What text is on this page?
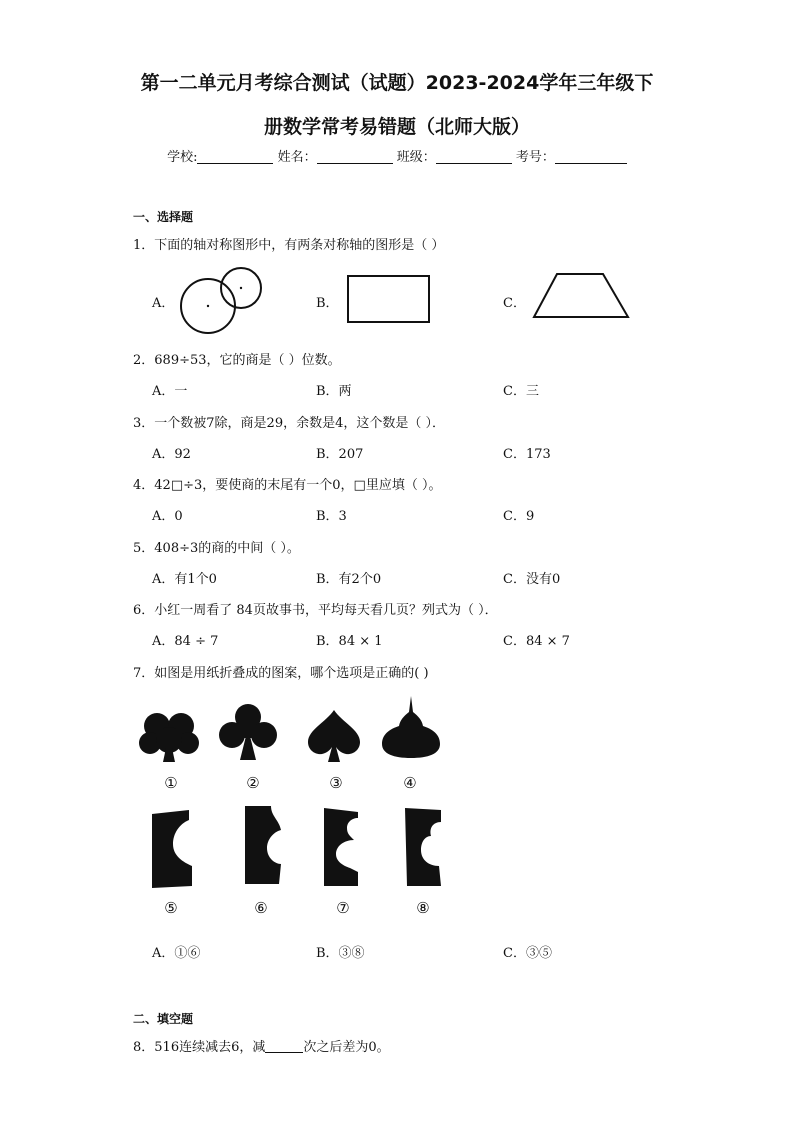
第一二单元月考综合测试（试题）2023-2024学年三年级下
册数学常考易错题（北师大版）
学校:	姓名：	班级：	考号：
一、选择题
1．下面的轴对称图形中，有两条对称轴的图形是（ ）
A．	B．	C．
2．689÷53，它的商是（ ）位数。
A．一	B．两	C．三
3．一个数被7除，商是29，余数是4，这个数是（ ）．
A．92	B．207	C．173
4．42□÷3，要使商的末尾有一个0，□里应填（ ）。
A．0	B．3	C．9
5．408÷3的商的中间（ ）。
A．有1个0	B．有2个0	C．没有0
6．小红一周看了 84页故事书，平均每天看几页？列式为（ ）．
A．84 ÷ 7	B．84 × 1	C．84 × 7
7．如图是用纸折叠成的图案，哪个选项是正确的( )
①	②	③	④
⑤	⑥	⑦	⑧
A．①⑥	B．③⑧	C．③⑤
二、填空题
8．516连续减去6，减	次之后差为0。
